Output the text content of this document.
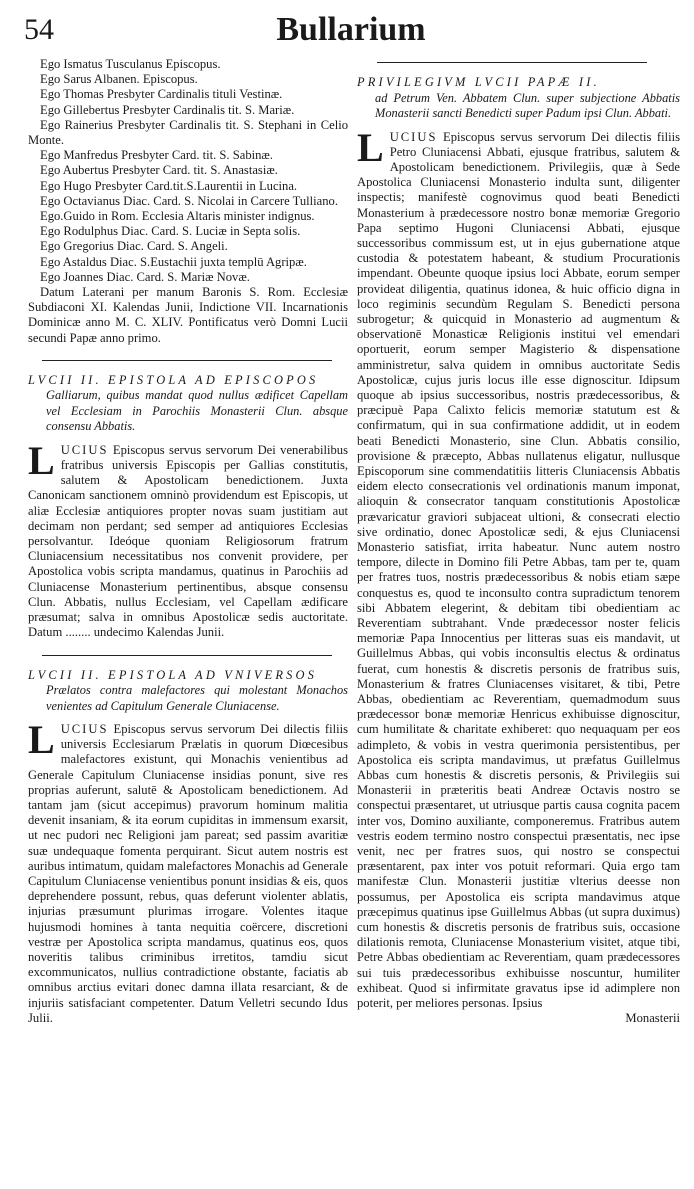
54	Bullarium

Ego Ismatus Tusculanus Episcopus.

Ego Sarus Albanen. Episcopus.

Ego Thomas Presbyter Cardinalis tituli Vestinæ.

Ego Gillebertus Presbyter Cardinalis tit. S. Mariæ.

Ego Rainerius Presbyter Cardinalis tit. S. Stephani in Celio Monte.

Ego Manfredus Presbyter Card. tit. S. Sabinæ.

Ego Aubertus Presbyter Card. tit. S. Anastasiæ.

Ego Hugo Presbyter Card.tit.S.Laurentii in Lucina.

Ego Octavianus Diac. Card. S. Nicolai in Carcere Tulliano.

Ego.Guido in Rom. Ecclesia Altaris minister indignus.

Ego Rodulphus Diac. Card. S. Luciæ in Septa solis.

Ego Gregorius Diac. Card. S. Angeli.

Ego Astaldus Diac. S.Eustachii juxta templū Agripæ.

Ego Joannes Diac. Card. S. Mariæ Novæ.

Datum Laterani per manum Baronis S. Rom. Ecclesiæ Subdiaconi XI. Kalendas Junii, Indictione VII. Incarnationis Dominicæ anno M. C. XLIV. Pontificatus verò Domni Lucii secundi Papæ anno primo.

LVCII II. EPISTOLA AD EPISCOPOS
Galliarum, quibus mandat quod nullus ædificet Capellam vel Ecclesiam in Parochiis Monasterii Clun. absque consensu Abbatis.

LUCIUS Episcopus servus servorum Dei venerabilibus fratribus universis Episcopis per Gallias constitutis, salutem & Apostolicam benedictionem. Juxta Canonicam sanctionem omninò providendum est Episcopis, ut aliæ Ecclesiæ antiquiores propter novas suam justitiam aut decimam non perdant; sed semper ad antiquiores Ecclesias persolvantur. Ideóque quoniam Religiosorum fratrum Cluniacensium necessitatibus nos convenit providere, per Apostolica vobis scripta mandamus, quatinus in Parochiis ad Cluniacense Monasterium pertinentibus, absque consensu Clun. Abbatis, nullus Ecclesiam, vel Capellam ædificare præsumat; salva in omnibus Apostolicæ sedis auctoritate. Datum ........ undecimo Kalendas Junii.

LVCII II. EPISTOLA AD VNIVERSOS
Prælatos contra malefactores qui molestant Monachos venientes ad Capitulum Generale Cluniacense.

LUCIUS Episcopus servus servorum Dei dilectis filiis universis Ecclesiarum Prælatis in quorum Diœcesibus malefactores existunt, qui Monachis venientibus ad Generale Capitulum Cluniacense insidias ponunt, sive res proprias auferunt, salutē & Apostolicam benedictionem. Ad tantam jam (sicut accepimus) pravorum hominum malitia devenit insaniam, & ita eorum cupiditas in immensum exarsit, ut nec pudori nec Religioni jam pareat; sed passim avaritiæ suæ undequaque fomenta perquirant. Sicut autem nostris est auribus intimatum, quidam malefactores Monachis ad Generale Capitulum Cluniacense venientibus ponunt insidias & eis, quos deprehendere possunt, rebus, quas deferunt violenter ablatis, injurias præsumunt plurimas irrogare. Volentes itaque hujusmodi homines à tanta nequitia coërcere, discretioni vestræ per Apostolica scripta mandamus, quatinus eos, quos noveritis talibus criminibus irretitos, tamdiu sicut excommunicatos, nullius contradictione obstante, faciatis ab omnibus arctius evitari donec damna illata resarciant, & de injuriis satisfaciant competenter. Datum Velletri secundo Idus Julii.

PRIVILEGIVM LVCII PAPÆ II.
ad Petrum Ven. Abbatem Clun. super subjectione Abbatis Monasterii sancti Benedicti super Padum ipsi Clun. Abbati.

LUCIUS Episcopus servus servorum Dei dilectis filiis Petro Cluniacensi Abbati, ejusque fratribus, salutem & Apostolicam benedictionem. Privilegiis, quæ à Sede Apostolica Cluniacensi Monasterio indulta sunt, diligenter inspectis; manifestè cognovimus quod beati Benedicti Monasterium à prædecessore nostro bonæ memoriæ Gregorio Papa septimo Hugoni Cluniacensi Abbati, ejusque successoribus commissum est, ut in ejus gubernatione atque custodia & potestatem habeant, & studium Procurationis impendant. Obeunte quoque ipsius loci Abbate, eorum semper provideat diligentia, quatinus idonea, & huic officio digna in loco regiminis secundùm Regulam S. Benedicti persona subrogetur; & quicquid in Monasterio ad augmentum & observationē Monasticæ Religionis institui vel emendari oportuerit, eorum semper Magisterio & dispensatione amministretur, salva quidem in omnibus auctoritate Sedis Apostolicæ, cujus juris locus ille esse dignoscitur. Idipsum quoque ab ipsius successoribus, nostris prædecessoribus, & præcipuè Papa Calixto felicis memoriæ statutum est & confirmatum, qui in sua confirmatione addidit, ut in eodem beati Benedicti Monasterio, sine Clun. Abbatis consilio, provisione & præcepto, Abbas nullatenus eligatur, nullusque Episcoporum sine commendatitiis litteris Cluniacensis Abbatis eidem electo consecrationis vel ordinationis manum imponat, alioquin & consecrator tanquam constitutionis Apostolicæ prævaricatur graviori subjaceat ultioni, & consecrati electio sive ordinatio, donec Apostolicæ sedi, & ejus Cluniacensi Monasterio satisfiat, irrita habeatur. Nunc autem nostro tempore, dilecte in Domino fili Petre Abbas, tam per te, quam per fratres tuos, nostris prædecessoribus & nobis etiam sæpe conquestus es, quod te inconsulto contra supradictum tenorem sibi Abbatem elegerint, & debitam tibi obedientiam ac Reverentiam subtrahant. Vnde prædecessor noster felicis memoriæ Papa Innocentius per litteras suas eis mandavit, ut Guillelmus Abbas, qui vobis inconsultis electus & ordinatus fuerat, cum honestis & discretis personis de fratribus suis, Monasterium & fratres Cluniacenses visitaret, & tibi, Petre Abbas, obedientiam ac Reverentiam, quemadmodum suus prædecessor bonæ memoriæ Henricus exhibuisse dignoscitur, cum humilitate & charitate exhiberet: quo nequaquam per eos adimpleto, & vobis in vestra querimonia persistentibus, per Apostolica eis scripta mandavimus, ut præfatus Guillelmus Abbas cum honestis & discretis personis, & Privilegiis sui Monasterii in præteritis beati Andreæ Octavis nostro se conspectui præsentaret, ut utriusque partis causa cognita pacem inter vos, Domino auxiliante, componeremus. Fratribus autem vestris eodem termino nostro conspectui præsentatis, nec ipse venit, nec per fratres suos, qui nostro se conspectui præsentarent, pax inter vos potuit reformari. Quia ergo tam manifestæ Clun. Monasterii justitiæ vlterius deesse non possumus, per Apostolica eis scripta mandavimus atque præcepimus quatinus ipse Guillelmus Abbas (ut supra duximus) cum honestis & discretis personis de fratribus suis, occasione dilationis remota, Cluniacense Monasterium visitet, atque tibi, Petre Abbas obedientiam ac Reverentiam, quam prædecessores sui tuis prædecessoribus exhibuisse noscuntur, humiliter exhibeat. Quod si infirmitate gravatus ipse id adimplere non poterit, per meliores personas. Ipsius

Monasterii
